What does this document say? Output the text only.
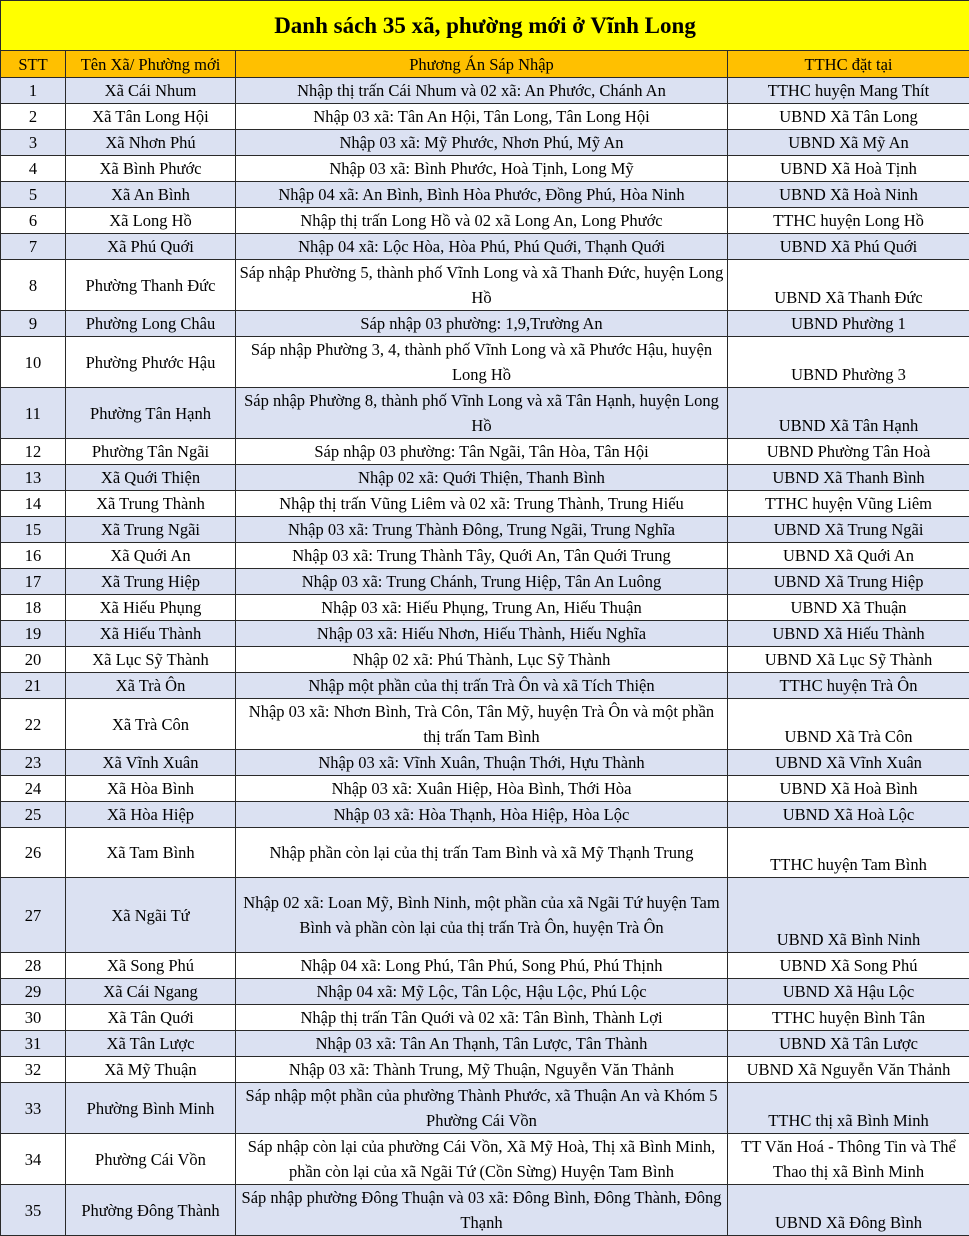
Danh sách 35 xã, phường mới ở Vĩnh Long			
STT	Tên Xã/ Phường mới	Phương Án Sáp Nhập	TTHC đặt tại
1	Xã Cái Nhum	Nhập thị trấn Cái Nhum và 02 xã: An Phước, Chánh An	TTHC huyện Mang Thít
2	Xã Tân Long Hội	Nhập 03 xã: Tân An Hội, Tân Long, Tân Long Hội	UBND Xã Tân Long
3	Xã Nhơn Phú	Nhập 03 xã: Mỹ Phước, Nhơn Phú, Mỹ An	UBND Xã Mỹ An
4	Xã Bình Phước	Nhập 03 xã: Bình Phước, Hoà Tịnh, Long Mỹ	UBND Xã Hoà Tịnh
5	Xã An Bình	Nhập 04 xã: An Bình, Bình Hòa Phước, Đồng Phú, Hòa Ninh	UBND Xã Hoà Ninh
6	Xã Long Hồ	Nhập thị trấn Long Hồ và 02 xã Long An, Long Phước	TTHC huyện Long Hồ
7	Xã Phú Quới	Nhập 04 xã: Lộc Hòa, Hòa Phú, Phú Quới, Thạnh Quới	UBND Xã Phú Quới
8	Phường Thanh Đức	Sáp nhập Phường 5, thành phố Vĩnh Long và xã Thanh Đức, huyện Long Hồ	UBND Xã Thanh Đức
9	Phường Long Châu	Sáp nhập 03 phường: 1,9,Trường An	UBND Phường 1
10	Phường Phước Hậu	Sáp nhập Phường 3, 4, thành phố Vĩnh Long và xã Phước Hậu, huyện Long Hồ	UBND Phường 3
11	Phường Tân Hạnh	Sáp nhập Phường 8, thành phố Vĩnh Long và xã Tân Hạnh, huyện Long Hồ	UBND Xã Tân Hạnh
12	Phường Tân Ngãi	Sáp nhập 03 phường: Tân Ngãi, Tân Hòa, Tân Hội	UBND Phường Tân Hoà
13	Xã Quới Thiện	Nhập 02 xã: Quới Thiện, Thanh Bình	UBND Xã Thanh Bình
14	Xã Trung Thành	Nhập thị trấn Vũng Liêm và 02 xã: Trung Thành, Trung Hiếu	TTHC huyện Vũng Liêm
15	Xã Trung Ngãi	Nhập 03 xã: Trung Thành Đông, Trung Ngãi, Trung Nghĩa	UBND Xã Trung Ngãi
16	Xã Quới An	Nhập 03 xã: Trung Thành Tây, Quới An, Tân Quới Trung	UBND Xã Quới An
17	Xã Trung Hiệp	Nhập 03 xã: Trung Chánh, Trung Hiệp, Tân An Luông	UBND Xã Trung Hiệp
18	Xã Hiếu Phụng	Nhập 03 xã: Hiếu Phụng, Trung An, Hiếu Thuận	UBND Xã Thuận
19	Xã Hiếu Thành	Nhập 03 xã: Hiếu Nhơn, Hiếu Thành, Hiếu Nghĩa	UBND Xã Hiếu Thành
20	Xã Lục Sỹ Thành	Nhập 02 xã: Phú Thành, Lục Sỹ Thành	UBND Xã Lục Sỹ Thành
21	Xã Trà Ôn	Nhập một phần của thị trấn Trà Ôn và xã Tích Thiện	TTHC huyện Trà Ôn
22	Xã Trà Côn	Nhập 03 xã: Nhơn Bình, Trà Côn, Tân Mỹ, huyện Trà Ôn và một phần thị trấn Tam Bình	UBND Xã Trà Côn
23	Xã Vĩnh Xuân	Nhập 03 xã: Vĩnh Xuân, Thuận Thới, Hựu Thành	UBND Xã Vĩnh Xuân
24	Xã Hòa Bình	Nhập 03 xã: Xuân Hiệp, Hòa Bình, Thới Hòa	UBND Xã Hoà Bình
25	Xã Hòa Hiệp	Nhập 03 xã: Hòa Thạnh, Hòa Hiệp, Hòa Lộc	UBND Xã Hoà Lộc
26	Xã Tam Bình	Nhập phần còn lại của thị trấn Tam Bình và xã Mỹ Thạnh Trung	TTHC huyện Tam Bình
27	Xã Ngãi Tứ	Nhập 02 xã: Loan Mỹ, Bình Ninh, một phần của xã Ngãi Tứ huyện Tam Bình và phần còn lại của thị trấn Trà Ôn, huyện Trà Ôn	UBND Xã Bình Ninh
28	Xã Song Phú	Nhập 04 xã: Long Phú, Tân Phú, Song Phú, Phú Thịnh	UBND Xã Song Phú
29	Xã Cái Ngang	Nhập 04 xã: Mỹ Lộc, Tân Lộc, Hậu Lộc, Phú Lộc	UBND Xã Hậu Lộc
30	Xã Tân Quới	Nhập thị trấn Tân Quới và 02 xã: Tân Bình, Thành Lợi	TTHC huyện Bình Tân
31	Xã Tân Lược	Nhập 03 xã: Tân An Thạnh, Tân Lược, Tân Thành	UBND Xã Tân Lược
32	Xã Mỹ Thuận	Nhập 03 xã: Thành Trung, Mỹ Thuận, Nguyễn Văn Thảnh	UBND Xã Nguyễn Văn Thảnh
33	Phường Bình Minh	Sáp nhập một phần của phường Thành Phước, xã Thuận An và Khóm 5 Phường Cái Vồn	TTHC thị xã Bình Minh
34	Phường Cái Vồn	Sáp nhập còn lại của phường Cái Vồn, Xã Mỹ Hoà, Thị xã Bình Minh, phần còn lại của xã Ngãi Tứ (Cồn Sừng) Huyện Tam Bình	TT Văn Hoá - Thông Tin và Thể Thao thị xã Bình Minh
35	Phường Đông Thành	Sáp nhập phường Đông Thuận và 03 xã: Đông Bình, Đông Thành, Đông Thạnh	UBND Xã Đông Bình
